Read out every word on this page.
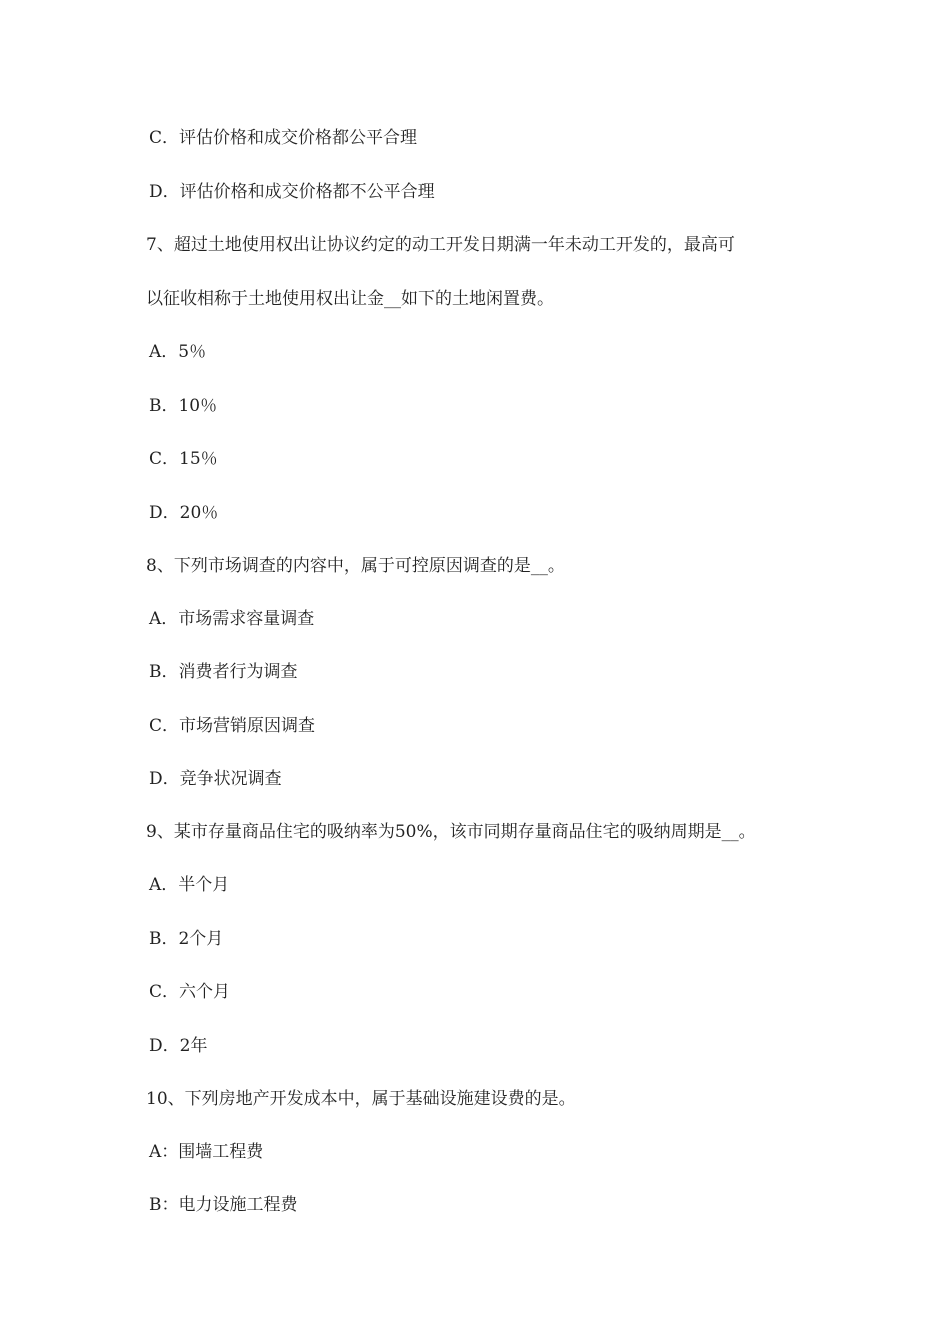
C．评估价格和成交价格都公平合理
D．评估价格和成交价格都不公平合理
7、超过土地使用权出让协议约定的动工开发日期满一年未动工开发的，最高可
以征收相称于土地使用权出让金__如下的土地闲置费。
A．5％
B．10％
C．15％
D．20％
8、下列市场调查的内容中，属于可控原因调查的是__。
A．市场需求容量调查
B．消费者行为调查
C．市场营销原因调查
D．竞争状况调查
9、某市存量商品住宅的吸纳率为50%，该市同期存量商品住宅的吸纳周期是__。
A．半个月
B．2个月
C．六个月
D．2年
10、下列房地产开发成本中，属于基础设施建设费的是。
A：围墙工程费
B：电力设施工程费
